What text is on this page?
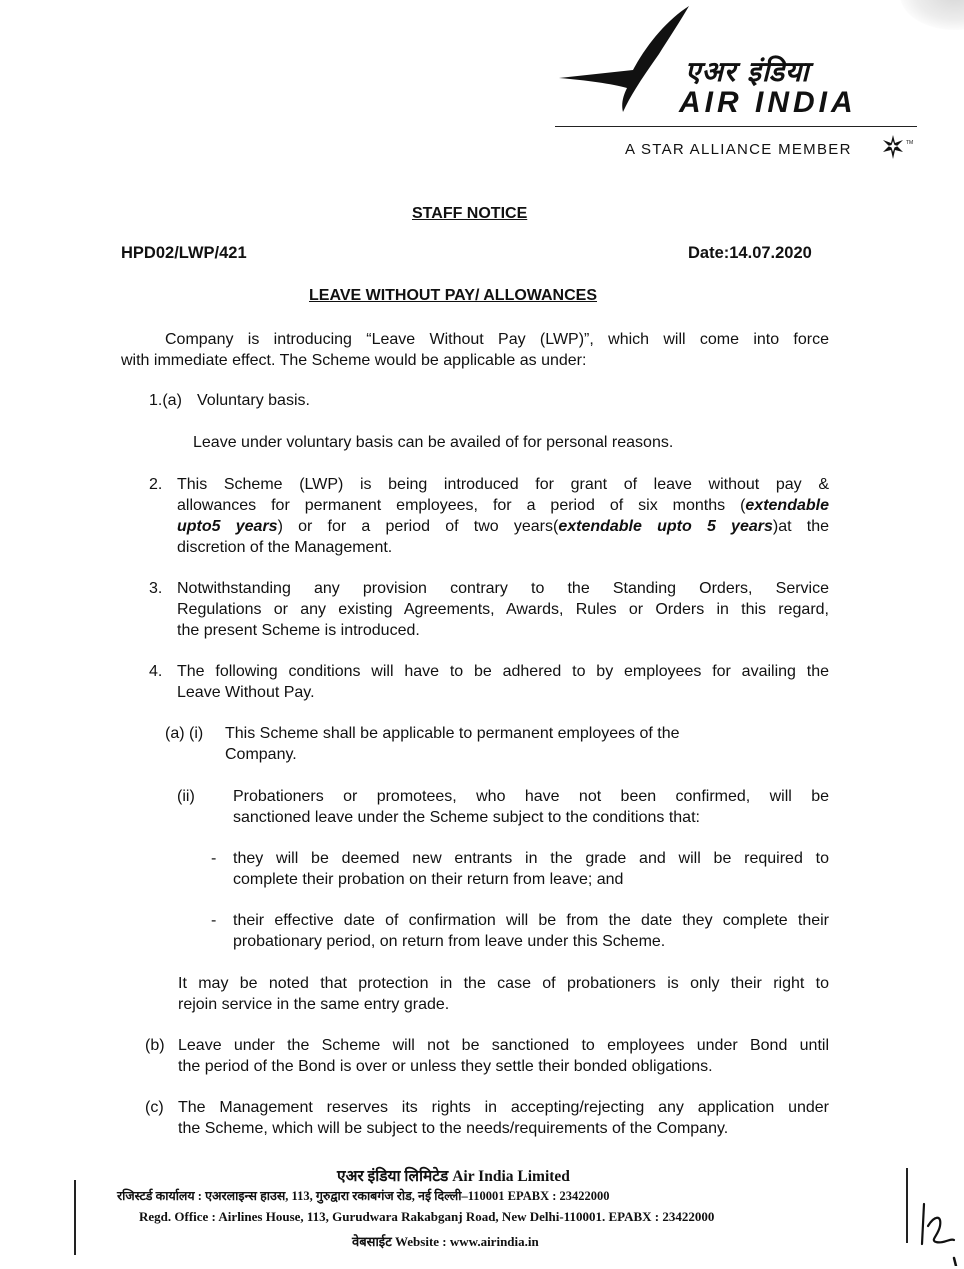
एअर इंडिया
AIR INDIA
A STAR ALLIANCE MEMBER	TM
STAFF NOTICE
HPD02/LWP/421	Date:14.07.2020
LEAVE WITHOUT PAY/ ALLOWANCES

Company is introducing “Leave Without Pay (LWP)”, which will come into force

with immediate effect. The Scheme would be applicable as under:

1.(a) Voluntary basis.
Leave under voluntary basis can be availed of for personal reasons.
2. This Scheme (LWP) is being introduced for grant of leave without pay &

allowances for permanent employees, for a period of six months (extendable

upto5 years) or for a period of two years(extendable upto 5 years)at the

discretion of the Management.

3. Notwithstanding any provision contrary to the Standing Orders, Service

Regulations or any existing Agreements, Awards, Rules or Orders in this regard,

the present Scheme is introduced.

4. The following conditions will have to be adhered to by employees for availing the

Leave Without Pay.

(a) (i) This Scheme shall be applicable to permanent employees of the

Company.

(ii) Probationers or promotees, who have not been confirmed, will be

sanctioned leave under the Scheme subject to the conditions that:

- they will be deemed new entrants in the grade and will be required to

complete their probation on their return from leave; and

- their effective date of confirmation will be from the date they complete their

probationary period, on return from leave under this Scheme.

It may be noted that protection in the case of probationers is only their right to

rejoin service in the same entry grade.

(b) Leave under the Scheme will not be sanctioned to employees under Bond until

the period of the Bond is over or unless they settle their bonded obligations.

(c) The Management reserves its rights in accepting/rejecting any application under

the Scheme, which will be subject to the needs/requirements of the Company.

एअर इंडिया लिमिटेड Air India Limited
रजिस्टर्ड कार्यालय : एअरलाइन्स हाउस, 113, गुरुद्वारा रकाबगंज रोड, नई दिल्ली–110001 EPABX : 23422000
Regd. Office : Airlines House, 113, Gurudwara Rakabganj Road, New Delhi-110001. EPABX : 23422000
वेबसाईट Website : www.airindia.in
